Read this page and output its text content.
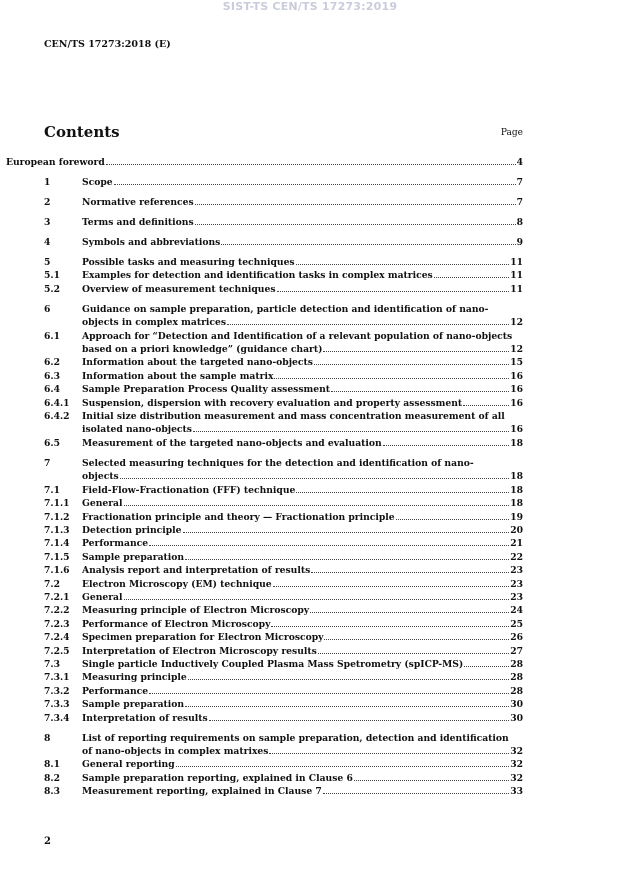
SIST-TS CEN/TS 17273:2019
CEN/TS 17273:2018 (E)
Contents	Page
European foreword	4
1	Scope	7
2	Normative references	7
3	Terms and definitions	8
4	Symbols and abbreviations	9
5	Possible tasks and measuring techniques	11
5.1	Examples for detection and identification tasks in complex matrices	11
5.2	Overview of measurement techniques	11
6	Guidance on sample preparation, particle detection and identification of nano-
objects in complex matrices	12
6.1	Approach for “Detection and Identification of a relevant population of nano-objects
based on a priori knowledge” (guidance chart)	12
6.2	Information about the targeted nano-objects	15
6.3	Information about the sample matrix	16
6.4	Sample Preparation Process Quality assessment	16
6.4.1	Suspension, dispersion with recovery evaluation and property assessment	16
6.4.2	Initial size distribution measurement and mass concentration measurement of all
isolated nano-objects	16
6.5	Measurement of the targeted nano-objects and evaluation	18
7	Selected measuring techniques for the detection and identification of nano-
objects	18
7.1	Field-Flow-Fractionation (FFF) technique	18
7.1.1	General	18
7.1.2	Fractionation principle and theory — Fractionation principle	19
7.1.3	Detection principle	20
7.1.4	Performance	21
7.1.5	Sample preparation	22
7.1.6	Analysis report and interpretation of results	23
7.2	Electron Microscopy (EM) technique	23
7.2.1	General	23
7.2.2	Measuring principle of Electron Microscopy	24
7.2.3	Performance of Electron Microscopy	25
7.2.4	Specimen preparation for Electron Microscopy	26
7.2.5	Interpretation of Electron Microscopy results	27
7.3	Single particle Inductively Coupled Plasma Mass Spetrometry (spICP-MS)	28
7.3.1	Measuring principle	28
7.3.2	Performance	28
7.3.3	Sample preparation	30
7.3.4	Interpretation of results	30
8	List of reporting requirements on sample preparation, detection and identification
of nano-objects in complex matrixes	32
8.1	General reporting	32
8.2	Sample preparation reporting, explained in Clause 6	32
8.3	Measurement reporting, explained in Clause 7	33
2
